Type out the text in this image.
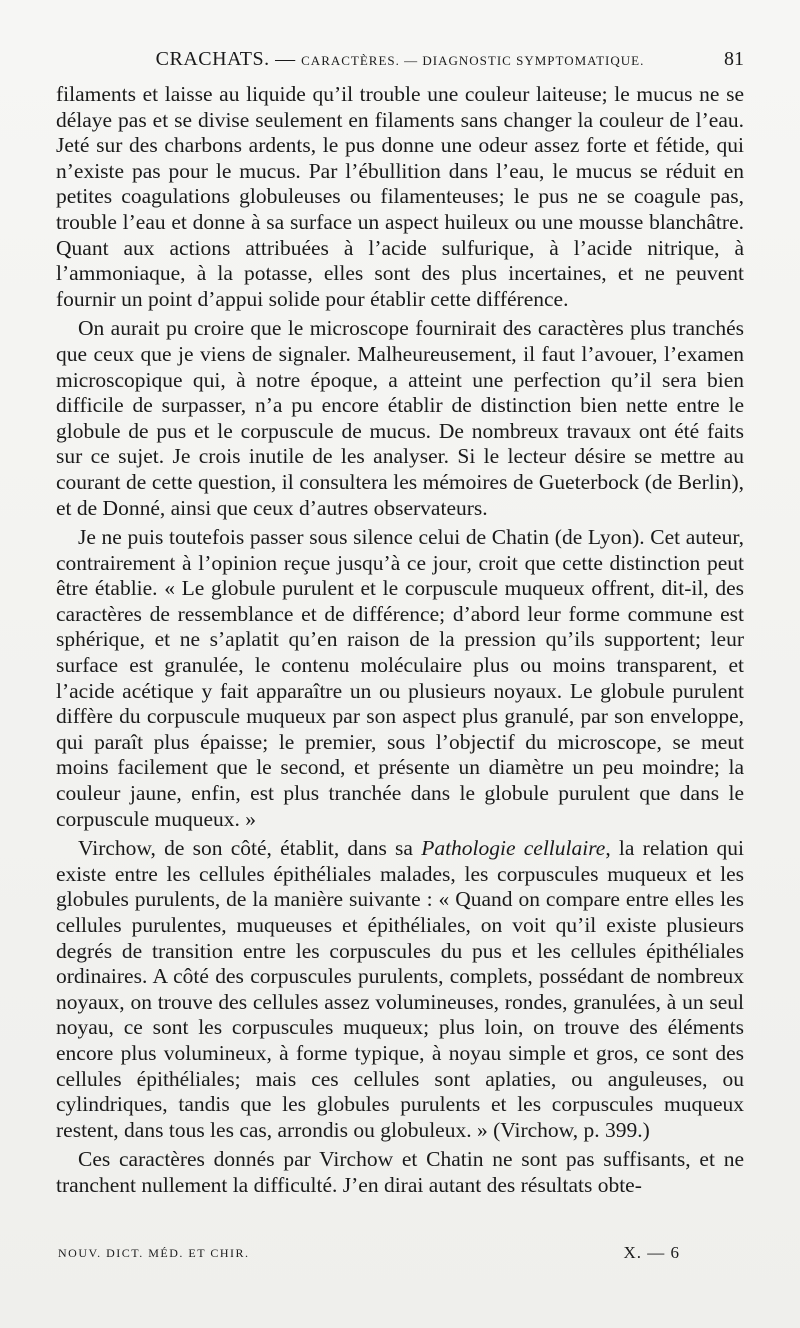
CRACHATS. — CARACTÈRES. — DIAGNOSTIC SYMPTOMATIQUE.	81

filaments et laisse au liquide qu’il trouble une couleur laiteuse; le mucus ne se délaye pas et se divise seulement en filaments sans changer la couleur de l’eau. Jeté sur des charbons ardents, le pus donne une odeur assez forte et fétide, qui n’existe pas pour le mucus. Par l’ébullition dans l’eau, le mucus se réduit en petites coagulations globuleuses ou filamenteuses; le pus ne se coagule pas, trouble l’eau et donne à sa surface un aspect huileux ou une mousse blanchâtre. Quant aux actions attribuées à l’acide sulfurique, à l’acide nitrique, à l’ammoniaque, à la potasse, elles sont des plus incertaines, et ne peuvent fournir un point d’appui solide pour établir cette différence.

On aurait pu croire que le microscope fournirait des caractères plus tranchés que ceux que je viens de signaler. Malheureusement, il faut l’avouer, l’examen microscopique qui, à notre époque, a atteint une perfection qu’il sera bien difficile de surpasser, n’a pu encore établir de distinction bien nette entre le globule de pus et le corpuscule de mucus. De nombreux travaux ont été faits sur ce sujet. Je crois inutile de les analyser. Si le lecteur désire se mettre au courant de cette question, il consultera les mémoires de Gueterbock (de Berlin), et de Donné, ainsi que ceux d’autres observateurs.

Je ne puis toutefois passer sous silence celui de Chatin (de Lyon). Cet auteur, contrairement à l’opinion reçue jusqu’à ce jour, croit que cette distinction peut être établie. « Le globule purulent et le corpuscule muqueux offrent, dit-il, des caractères de ressemblance et de différence; d’abord leur forme commune est sphérique, et ne s’aplatit qu’en raison de la pression qu’ils supportent; leur surface est granulée, le contenu moléculaire plus ou moins transparent, et l’acide acétique y fait apparaître un ou plusieurs noyaux. Le globule purulent diffère du corpuscule muqueux par son aspect plus granulé, par son enveloppe, qui paraît plus épaisse; le premier, sous l’objectif du microscope, se meut moins facilement que le second, et présente un diamètre un peu moindre; la couleur jaune, enfin, est plus tranchée dans le globule purulent que dans le corpuscule muqueux. »

Virchow, de son côté, établit, dans sa Pathologie cellulaire, la relation qui existe entre les cellules épithéliales malades, les corpuscules muqueux et les globules purulents, de la manière suivante : « Quand on compare entre elles les cellules purulentes, muqueuses et épithéliales, on voit qu’il existe plusieurs degrés de transition entre les corpuscules du pus et les cellules épithéliales ordinaires. A côté des corpuscules purulents, complets, possédant de nombreux noyaux, on trouve des cellules assez volumineuses, rondes, granulées, à un seul noyau, ce sont les corpuscules muqueux; plus loin, on trouve des éléments encore plus volumineux, à forme typique, à noyau simple et gros, ce sont des cellules épithéliales; mais ces cellules sont aplaties, ou anguleuses, ou cylindriques, tandis que les globules purulents et les corpuscules muqueux restent, dans tous les cas, arrondis ou globuleux. » (Virchow, p. 399.)

Ces caractères donnés par Virchow et Chatin ne sont pas suffisants, et ne tranchent nullement la difficulté. J’en dirai autant des résultats obte-

NOUV. DICT. MÉD. ET CHIR.	X. — 6
